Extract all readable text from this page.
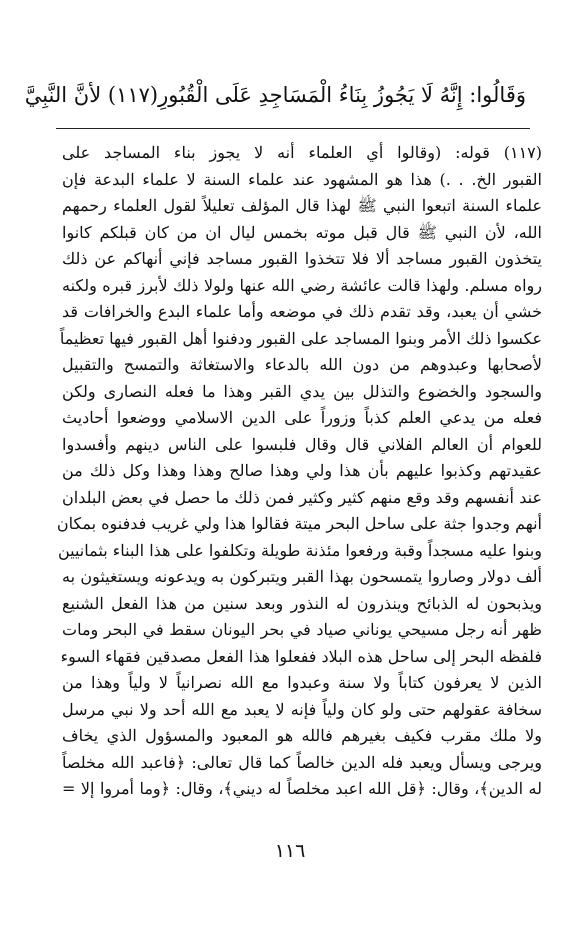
وَقَالُوا: إِنَّهُ لَا يَجُوزُ بِنَاءُ الْمَسَاجِدِ عَلَى الْقُبُورِ(١١٧) لأنَّ النَّبِيَّ
(١١٧) قوله: (وقالوا أي العلماء أنه لا يجوز بناء المساجد على
القبور الخ. . .) هذا هو المشهود عند علماء السنة لا علماء البدعة فإن
علماء السنة اتبعوا النبي ﷺ لهذا قال المؤلف تعليلاً لقول العلماء رحمهم
الله، لأن النبي ﷺ قال قبل موته بخمس ليال ان من كان قبلكم كانوا
يتخذون القبور مساجد ألا فلا تتخذوا القبور مساجد فإني أنهاكم عن ذلك
رواه مسلم. ولهذا قالت عائشة رضي الله عنها ولولا ذلك لأبرز قبره ولكنه
خشي أن يعبد، وقد تقدم ذلك في موضعه وأما علماء البدع والخرافات قد
عكسوا ذلك الأمر وبنوا المساجد على القبور ودفنوا أهل القبور فيها تعظيماً
لأصحابها وعبدوهم من دون الله بالدعاء والاستغاثة والتمسح والتقبيل
والسجود والخضوع والتذلل بين يدي القبر وهذا ما فعله النصارى ولكن
فعله من يدعي العلم كذباً وزوراً على الدين الاسلامي ووضعوا أحاديث
للعوام أن العالم الفلاني قال وقال فلبسوا على الناس دينهم وأفسدوا
عقيدتهم وكذبوا عليهم بأن هذا ولي وهذا صالح وهذا وهذا وكل ذلك من
عند أنفسهم وقد وقع منهم كثير وكثير فمن ذلك ما حصل في بعض البلدان
أنهم وجدوا جثة على ساحل البحر ميتة فقالوا هذا ولي غريب فدفنوه بمكان
وبنوا عليه مسجداً وقبة ورفعوا مئذنة طويلة وتكلفوا على هذا البناء بثمانيين
ألف دولار وصاروا يتمسحون بهذا القبر ويتبركون به ويدعونه ويستغيثون به
ويذبحون له الذبائح وينذرون له النذور وبعد سنين من هذا الفعل الشنيع
ظهر أنه رجل مسيحي يوناني صياد في بحر اليونان سقط في البحر ومات
فلفظه البحر إلى ساحل هذه البلاد ففعلوا هذا الفعل مصدقين فقهاء السوء
الذين لا يعرفون كتاباً ولا سنة وعبدوا مع الله نصرانياً لا ولياً وهذا من
سخافة عقولهم حتى ولو كان ولياً فإنه لا يعبد مع الله أحد ولا نبي مرسل
ولا ملك مقرب فكيف بغيرهم فالله هو المعبود والمسؤول الذي يخاف
ويرجى ويسأل ويعبد فله الدين خالصاً كما قال تعالى: ﴿فاعبد الله مخلصاً
له الدين﴾، وقال: ﴿قل الله اعبد مخلصاً له ديني﴾، وقال: ﴿وما أمروا إلا =
١١٦
